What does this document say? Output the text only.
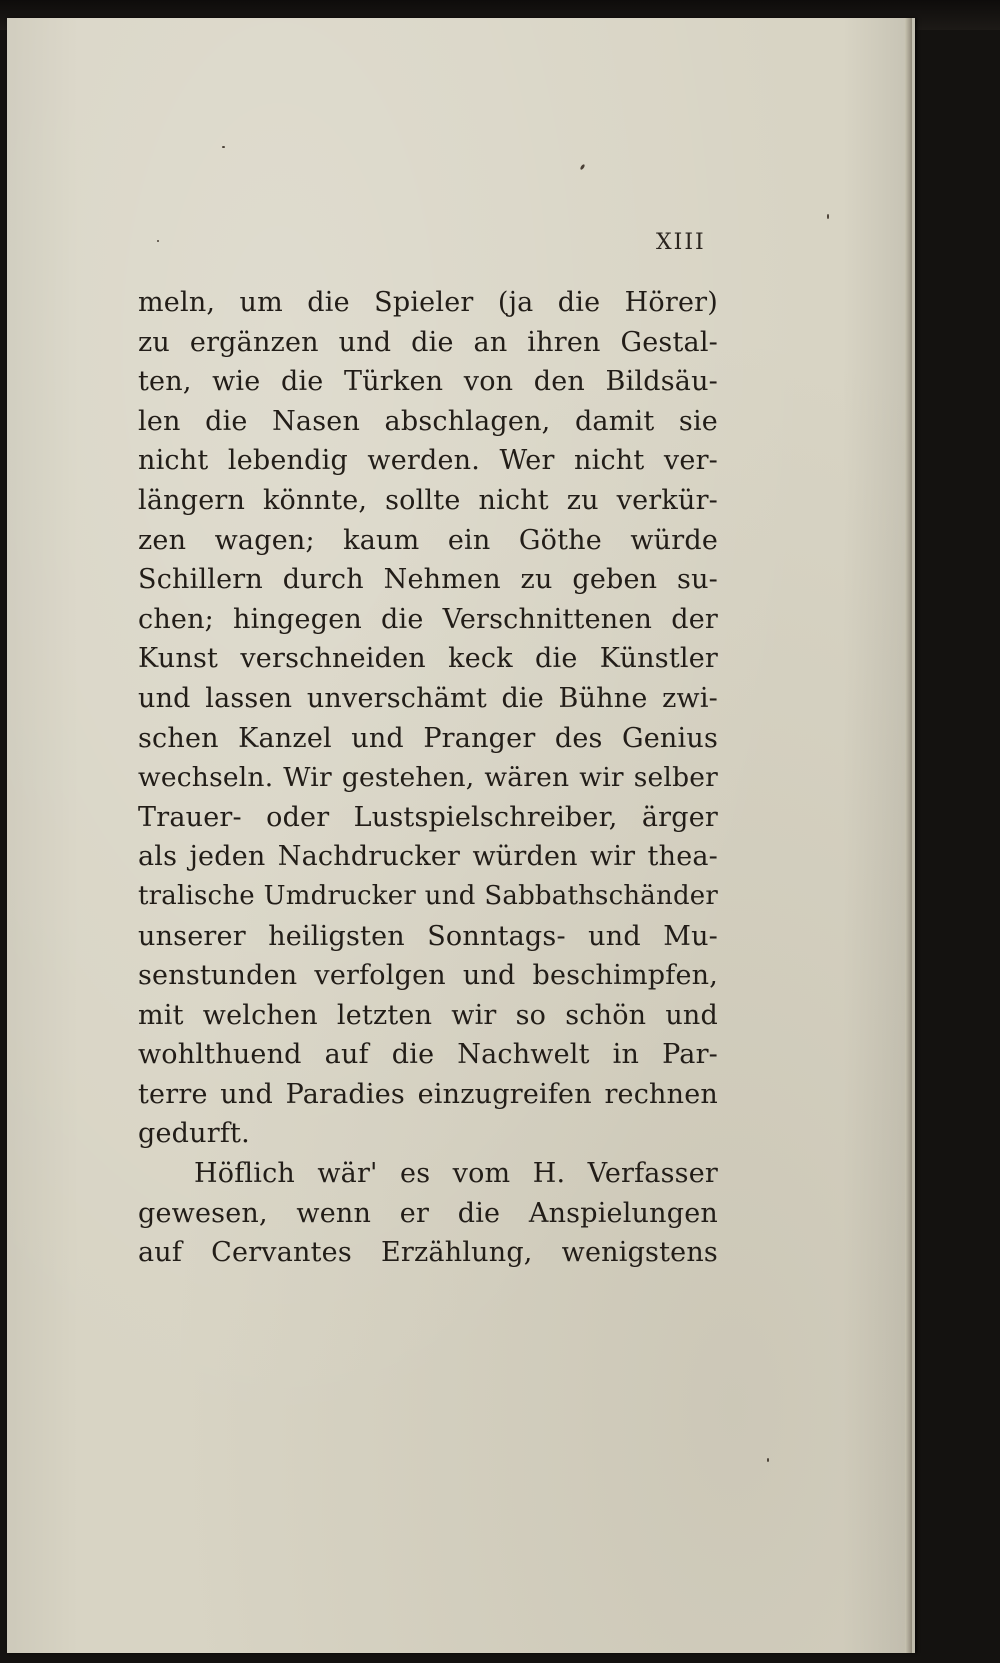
XIII
meln, um die Spieler (ja die Hörer)
zu ergänzen und die an ihren Gestal-
ten, wie die Türken von den Bildsäu-
len die Nasen abschlagen, damit sie
nicht lebendig werden. Wer nicht ver-
längern könnte, sollte nicht zu verkür-
zen wagen; kaum ein Göthe würde
Schillern durch Nehmen zu geben su-
chen; hingegen die Verschnittenen der
Kunst verschneiden keck die Künstler
und lassen unverschämt die Bühne zwi-
schen Kanzel und Pranger des Genius
wechseln. Wir gestehen, wären wir selber
Trauer- oder Lustspielschreiber, ärger
als jeden Nachdrucker würden wir thea-
tralische Umdrucker und Sabbathschänder
unserer heiligsten Sonntags- und Mu-
senstunden verfolgen und beschimpfen,
mit welchen letzten wir so schön und
wohlthuend auf die Nachwelt in Par-
terre und Paradies einzugreifen rechnen
gedurft.
Höflich wär' es vom H. Verfasser
gewesen, wenn er die Anspielungen
auf Cervantes Erzählung, wenigstens
